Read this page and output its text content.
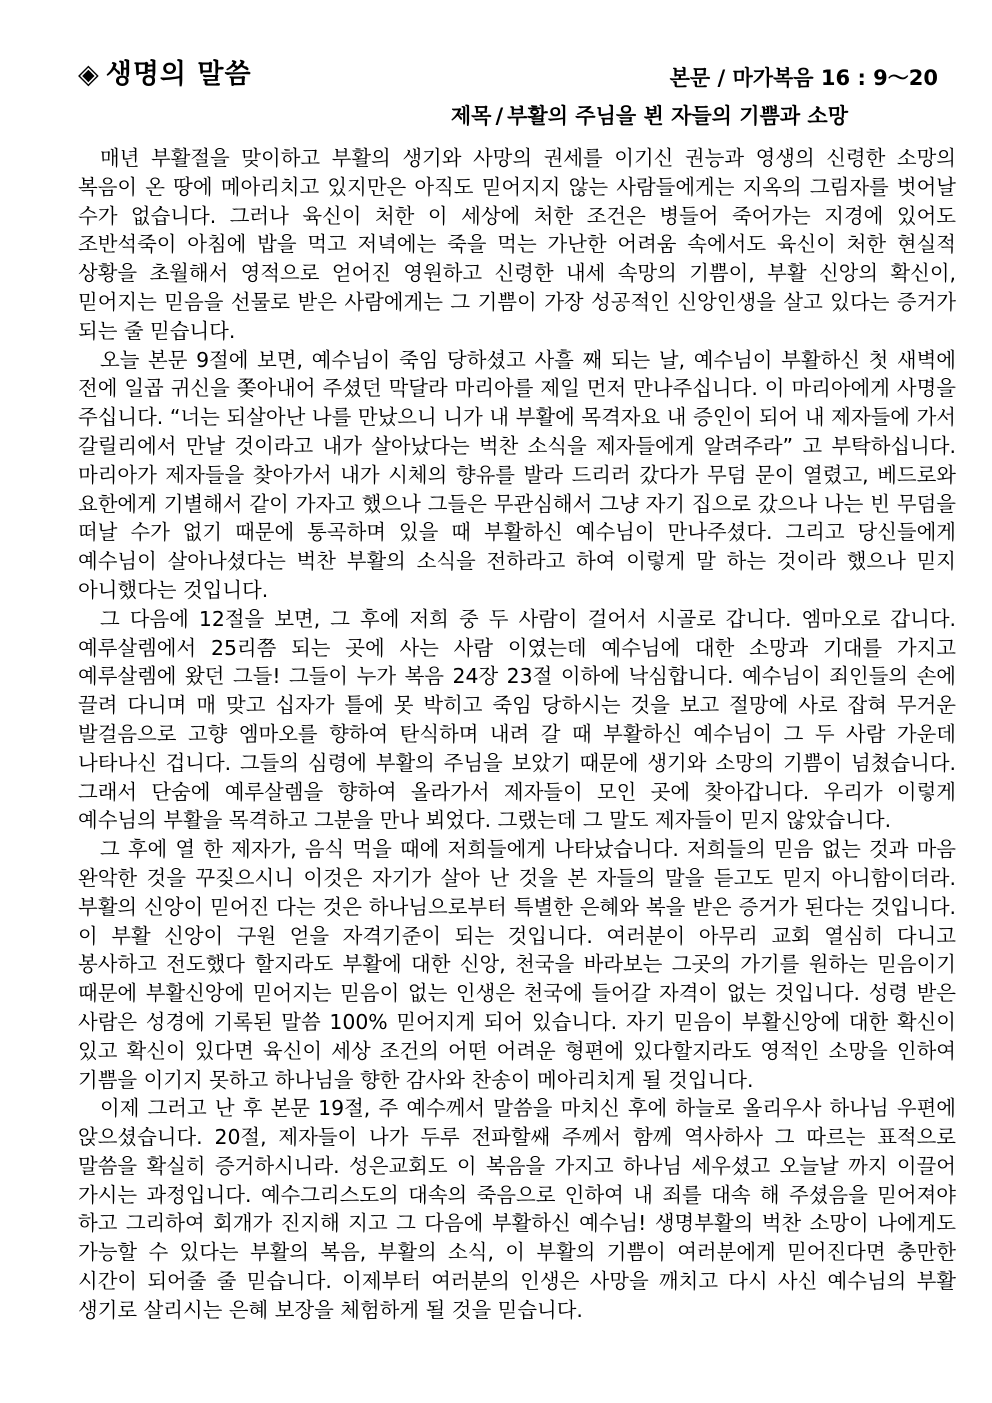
◈ 생명의 말씀	본문 / 마가복음 16 : 9～20
제목 / 부활의 주님을 뵌 자들의 기쁨과 소망

매년 부활절을 맞이하고 부활의 생기와 사망의 권세를 이기신 권능과 영생의 신령한 소망의 복음이 온 땅에 메아리치고 있지만은 아직도 믿어지지 않는 사람들에게는 지옥의 그림자를 벗어날 수가 없습니다. 그러나 육신이 처한 이 세상에 처한 조건은 병들어 죽어가는 지경에 있어도 조반석죽이 아침에 밥을 먹고 저녁에는 죽을 먹는 가난한 어려움 속에서도 육신이 처한 현실적 상황을 초월해서 영적으로 얻어진 영원하고 신령한 내세 속망의 기쁨이, 부활 신앙의 확신이, 믿어지는 믿음을 선물로 받은 사람에게는 그 기쁨이 가장 성공적인 신앙인생을 살고 있다는 증거가 되는 줄 믿습니다.

오늘 본문 9절에 보면, 예수님이 죽임 당하셨고 사흘 째 되는 날, 예수님이 부활하신 첫 새벽에 전에 일곱 귀신을 쫒아내어 주셨던 막달라 마리아를 제일 먼저 만나주십니다. 이 마리아에게 사명을 주십니다. “너는 되살아난 나를 만났으니 니가 내 부활에 목격자요 내 증인이 되어 내 제자들에 가서 갈릴리에서 만날 것이라고 내가 살아났다는 벅찬 소식을 제자들에게 알려주라” 고 부탁하십니다. 마리아가 제자들을 찾아가서 내가 시체의 향유를 발라 드리러 갔다가 무덤 문이 열렸고, 베드로와 요한에게 기별해서 같이 가자고 했으나 그들은 무관심해서 그냥 자기 집으로 갔으나 나는 빈 무덤을 떠날 수가 없기 때문에 통곡하며 있을 때 부활하신 예수님이 만나주셨다. 그리고 당신들에게 예수님이 살아나셨다는 벅찬 부활의 소식을 전하라고 하여 이렇게 말 하는 것이라 했으나 믿지 아니했다는 것입니다.

그 다음에 12절을 보면, 그 후에 저희 중 두 사람이 걸어서 시골로 갑니다. 엠마오로 갑니다. 예루살렘에서 25리쯤 되는 곳에 사는 사람 이였는데 예수님에 대한 소망과 기대를 가지고 예루살렘에 왔던 그들! 그들이 누가 복음 24장 23절 이하에 낙심합니다. 예수님이 죄인들의 손에 끌려 다니며 매 맞고 십자가 틀에 못 박히고 죽임 당하시는 것을 보고 절망에 사로 잡혀 무거운 발걸음으로 고향 엠마오를 향하여 탄식하며 내려 갈 때 부활하신 예수님이 그 두 사람 가운데 나타나신 겁니다. 그들의 심령에 부활의 주님을 보았기 때문에 생기와 소망의 기쁨이 넘쳤습니다. 그래서 단숨에 예루살렘을 향하여 올라가서 제자들이 모인 곳에 찾아갑니다. 우리가 이렇게 예수님의 부활을 목격하고 그분을 만나 뵈었다. 그랬는데 그 말도 제자들이 믿지 않았습니다.

그 후에 열 한 제자가, 음식 먹을 때에 저희들에게 나타났습니다. 저희들의 믿음 없는 것과 마음 완악한 것을 꾸짖으시니 이것은 자기가 살아 난 것을 본 자들의 말을 듣고도 믿지 아니함이더라. 부활의 신앙이 믿어진 다는 것은 하나님으로부터 특별한 은혜와 복을 받은 증거가 된다는 것입니다. 이 부활 신앙이 구원 얻을 자격기준이 되는 것입니다. 여러분이 아무리 교회 열심히 다니고 봉사하고 전도했다 할지라도 부활에 대한 신앙, 천국을 바라보는 그곳의 가기를 원하는 믿음이기 때문에 부활신앙에 믿어지는 믿음이 없는 인생은 천국에 들어갈 자격이 없는 것입니다. 성령 받은 사람은 성경에 기록된 말씀 100% 믿어지게 되어 있습니다. 자기 믿음이 부활신앙에 대한 확신이 있고 확신이 있다면 육신이 세상 조건의 어떤 어려운 형편에 있다할지라도 영적인 소망을 인하여 기쁨을 이기지 못하고 하나님을 향한 감사와 찬송이 메아리치게 될 것입니다.

이제 그러고 난 후 본문 19절, 주 예수께서 말씀을 마치신 후에 하늘로 올리우사 하나님 우편에 앉으셨습니다. 20절, 제자들이 나가 두루 전파할쌔 주께서 함께 역사하사 그 따르는 표적으로 말씀을 확실히 증거하시니라. 성은교회도 이 복음을 가지고 하나님 세우셨고 오늘날 까지 이끌어 가시는 과정입니다. 예수그리스도의 대속의 죽음으로 인하여 내 죄를 대속 해 주셨음을 믿어져야 하고 그리하여 회개가 진지해 지고 그 다음에 부활하신 예수님! 생명부활의 벅찬 소망이 나에게도 가능할 수 있다는 부활의 복음, 부활의 소식, 이 부활의 기쁨이 여러분에게 믿어진다면 충만한 시간이 되어줄 줄 믿습니다. 이제부터 여러분의 인생은 사망을 깨치고 다시 사신 예수님의 부활 생기로 살리시는 은혜 보장을 체험하게 될 것을 믿습니다.
